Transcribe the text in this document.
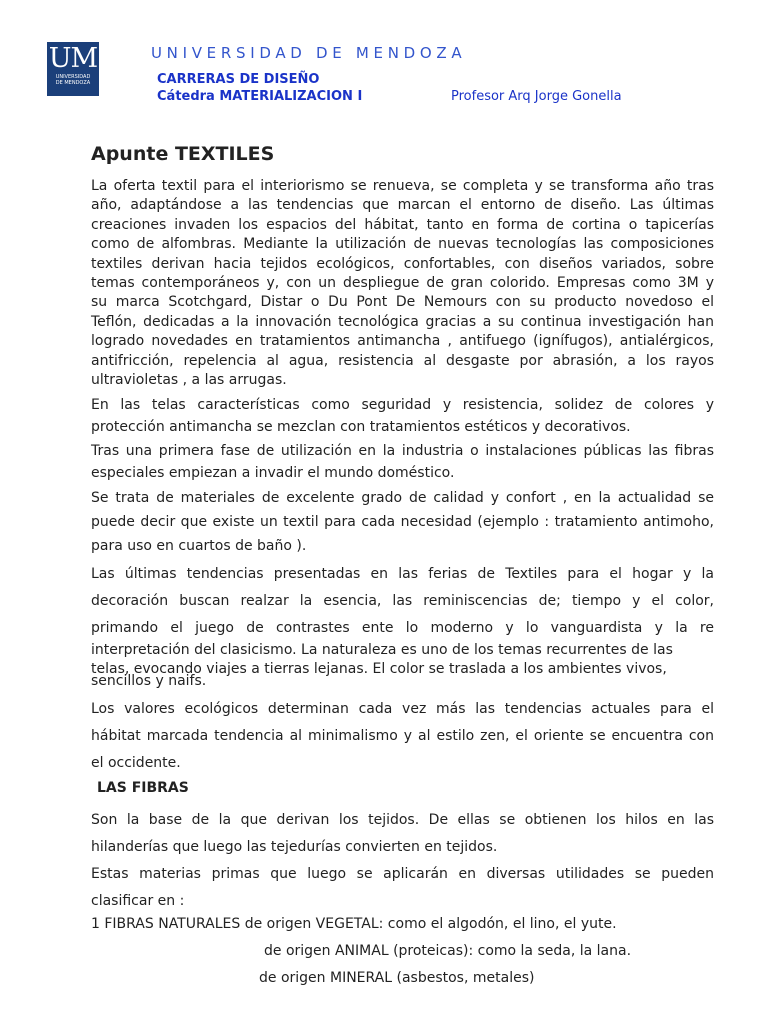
UM
UNIVERSIDAD
DE MENDOZA
UNIVERSIDAD DE MENDOZA
CARRERAS DE DISEÑO
Cátedra MATERIALIZACION I	Profesor Arq Jorge Gonella
Apunte TEXTILES
La oferta textil para el interiorismo se renueva, se completa y se transforma año tras
año, adaptándose a las tendencias que marcan el entorno de diseño. Las últimas
creaciones invaden los espacios del hábitat, tanto en forma de cortina o tapicerías
como de alfombras. Mediante la utilización de nuevas tecnologías las composiciones
textiles derivan hacia tejidos ecológicos, confortables, con diseños variados, sobre
temas contemporáneos y, con un despliegue de gran colorido. Empresas como 3M y
su marca Scotchgard, Distar o Du Pont De Nemours con su producto novedoso el
Teflón, dedicadas a la innovación tecnológica gracias a su continua investigación han
logrado novedades en tratamientos antimancha , antifuego (ignífugos), antialérgicos,
antifricción, repelencia al agua, resistencia al desgaste por abrasión, a los rayos
ultravioletas , a las arrugas.
En las telas características como seguridad y resistencia, solidez de colores y
protección antimancha se mezclan con tratamientos estéticos y decorativos.
Tras una primera fase de utilización en la industria o instalaciones públicas las fibras
especiales empiezan a invadir el mundo doméstico.
Se trata de materiales de excelente grado de calidad y confort , en la actualidad se
puede decir que existe un textil para cada necesidad (ejemplo : tratamiento antimoho,
para uso en cuartos de baño ).
Las últimas tendencias presentadas en las ferias de Textiles para el hogar y la
decoración buscan realzar la esencia, las reminiscencias de; tiempo y el color,
primando el juego de contrastes ente lo moderno y lo vanguardista y la re
interpretación del clasicismo. La naturaleza es uno de los temas recurrentes de las
telas, evocando viajes a tierras lejanas. El color se traslada a los ambientes vivos,
sencillos y naifs.
Los valores ecológicos determinan cada vez más las tendencias actuales para el
hábitat marcada tendencia al minimalismo y al estilo zen, el oriente se encuentra con
el occidente.
LAS FIBRAS
Son la base de la que derivan los tejidos. De ellas se obtienen los hilos en las
hilanderías que luego las tejedurías convierten en tejidos.
Estas materias primas que luego se aplicarán en diversas utilidades se pueden
clasificar en :
1 FIBRAS NATURALES de origen VEGETAL: como el algodón, el lino, el yute.
de origen ANIMAL (proteicas): como la seda, la lana.
de origen MINERAL (asbestos, metales)
